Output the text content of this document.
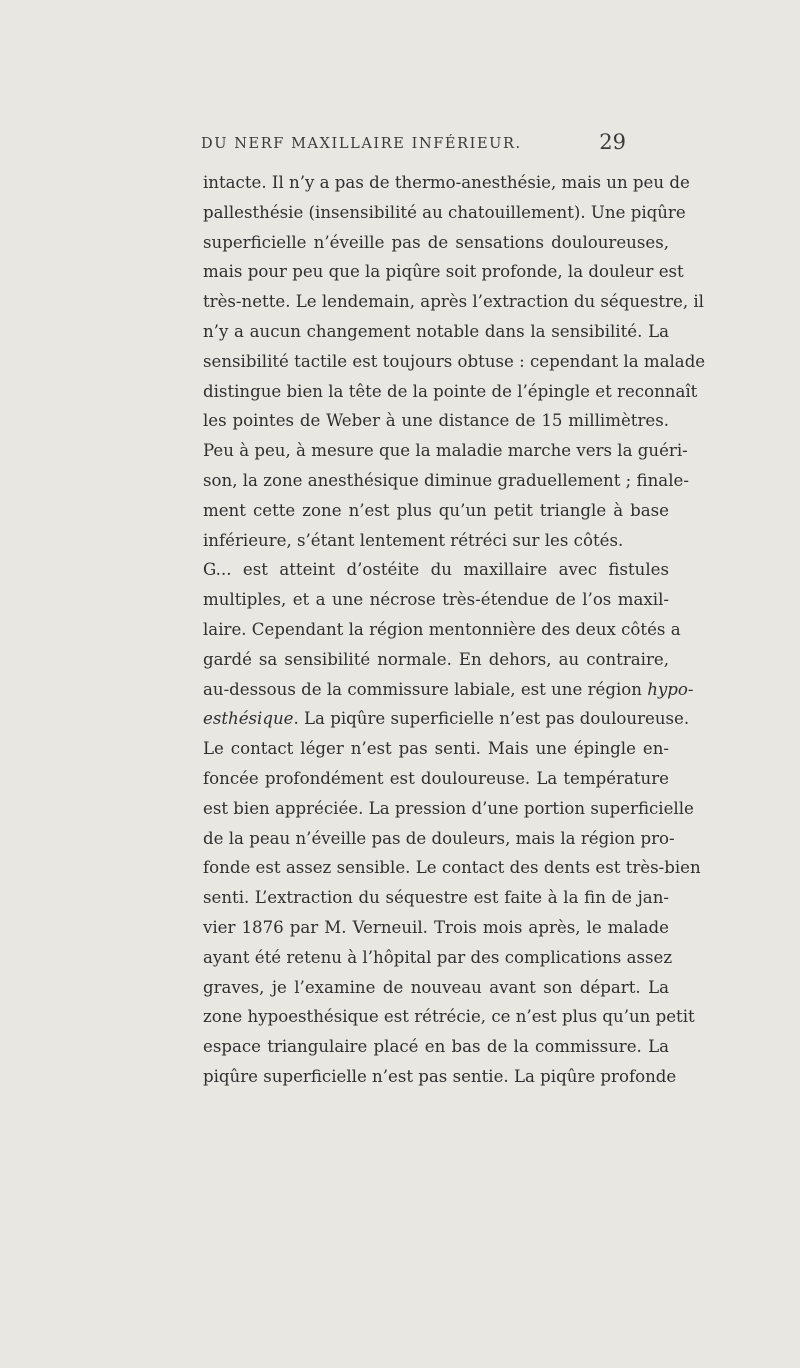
DU NERF MAXILLAIRE INFÉRIEUR.	29
intacte. Il n’y a pas de thermo-anesthésie, mais un peu de
pallesthésie (insensibilité au chatouillement). Une piqûre
superficielle n’éveille pas de sensations douloureuses,
mais pour peu que la piqûre soit profonde, la douleur est
très-nette. Le lendemain, après l’extraction du séquestre, il
n’y a aucun changement notable dans la sensibilité. La
sensibilité tactile est toujours obtuse : cependant la malade
distingue bien la tête de la pointe de l’épingle et reconnaît
les pointes de Weber à une distance de 15 millimètres.
Peu à peu, à mesure que la maladie marche vers la guéri-
son, la zone anesthésique diminue graduellement ; finale-
ment cette zone n’est plus qu’un petit triangle à base
inférieure, s’étant lentement rétréci sur les côtés.
G... est atteint d’ostéite du maxillaire avec fistules
multiples, et a une nécrose très-étendue de l’os maxil-
laire. Cependant la région mentonnière des deux côtés a
gardé sa sensibilité normale. En dehors, au contraire,
au-dessous de la commissure labiale, est une région hypo-
esthésique. La piqûre superficielle n’est pas douloureuse.
Le contact léger n’est pas senti. Mais une épingle en-
foncée profondément est douloureuse. La température
est bien appréciée. La pression d’une portion superficielle
de la peau n’éveille pas de douleurs, mais la région pro-
fonde est assez sensible. Le contact des dents est très-bien
senti. L’extraction du séquestre est faite à la fin de jan-
vier 1876 par M. Verneuil. Trois mois après, le malade
ayant été retenu à l’hôpital par des complications assez
graves, je l’examine de nouveau avant son départ. La
zone hypoesthésique est rétrécie, ce n’est plus qu’un petit
espace triangulaire placé en bas de la commissure. La
piqûre superficielle n’est pas sentie. La piqûre profonde
